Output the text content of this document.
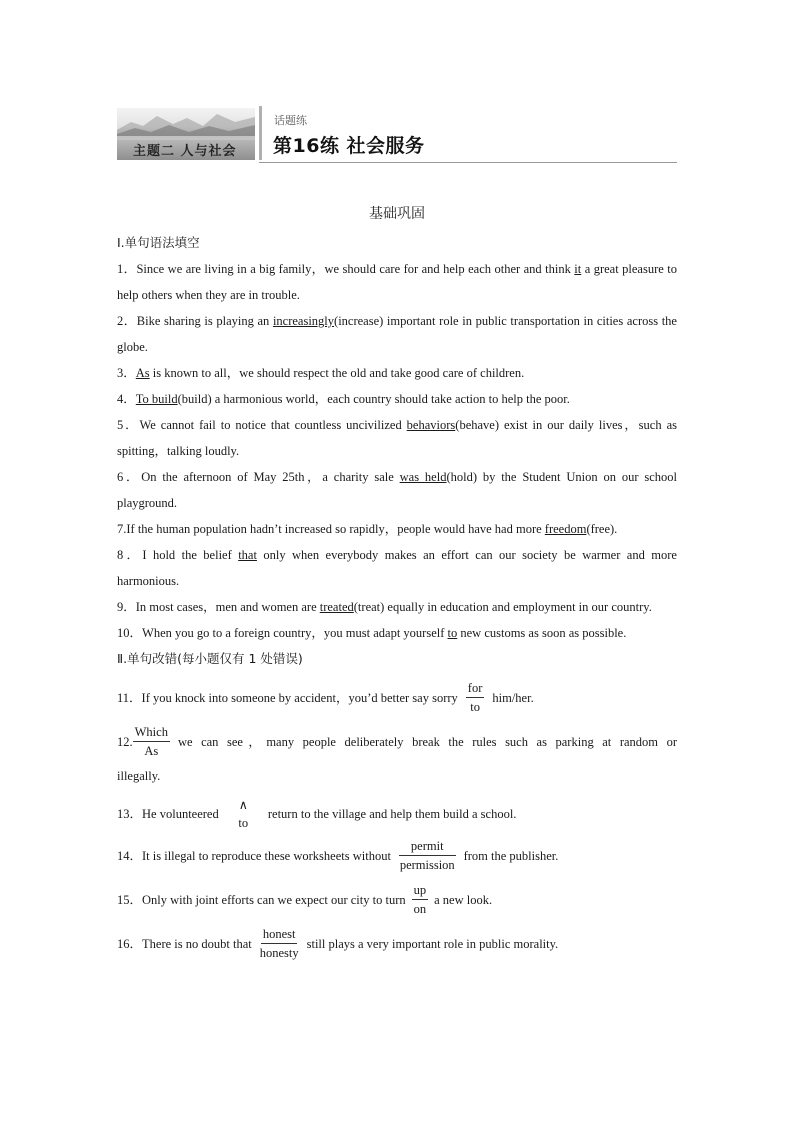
主题二 人与社会
话题练
第16练 社会服务
基础巩固
Ⅰ.单句语法填空

1．Since we are living in a big family，we should care for and help each other and think it a great pleasure to help others when they are in trouble.

2．Bike sharing is playing an increasingly(increase) important role in public transportation in cities across the globe.

3．As is known to all，we should respect the old and take good care of children.

4．To build(build) a harmonious world，each country should take action to help the poor.

5．We cannot fail to notice that countless uncivilized behaviors(behave) exist in our daily lives，such as spitting，talking loudly.

6．On the afternoon of May 25th，a charity sale was held(hold) by the Student Union on our school playground.

7.If the human population hadn’t increased so rapidly，people would have had more freedom(free).

8．I hold the belief that only when everybody makes an effort can our society be warmer and more harmonious.

9．In most cases，men and women are treated(treat) equally in education and employment in our country.

10．When you go to a foreign country，you must adapt yourself to new customs as soon as possible.

Ⅱ.单句改错(每小题仅有 1 处错误)
11． If you knock into someone by accident，you’d better say sorry $\frac{\text{for}}{to} him/her$.
12. $\frac{\text{Which}}{As}$ we can see，many people deliberately break the rules such as parking at random or

illegally.

13． He volunteered
∧
to
return to the village and help them build a school.
14． It is illegal to reproduce these worksheets without $\frac{\text{permit}}{\text{permission}}$ from the publisher.
15． Only with joint efforts can we expect our city to turn $\frac{up}{on}$ a new look.
16． There is no doubt that $\frac{\text{honest}}{\text{honesty}}$ still plays a very important role in public morality.
